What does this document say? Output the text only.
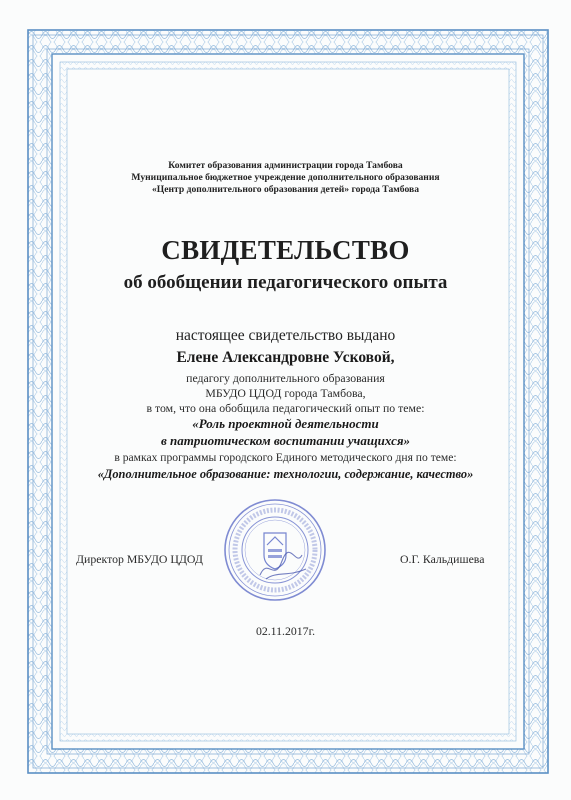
Комитет образования администрации города Тамбова
Муниципальное бюджетное учреждение дополнительного образования
«Центр дополнительного образования детей» города Тамбова
СВИДЕТЕЛЬСТВО
об обобщении педагогического опыта
настоящее свидетельство выдано
Елене Александровне Усковой,
педагогу дополнительного образования
МБУДО ЦДОД города Тамбова,
в том, что она обобщила педагогический опыт по теме:
«Роль проектной деятельности
в патриотическом воспитании учащихся»
в рамках программы городского Единого методического дня по теме:
«Дополнительное образование: технологии, содержание, качество»
Директор МБУДО ЦДОД	О.Г. Кальдишева
02.11.2017г.
